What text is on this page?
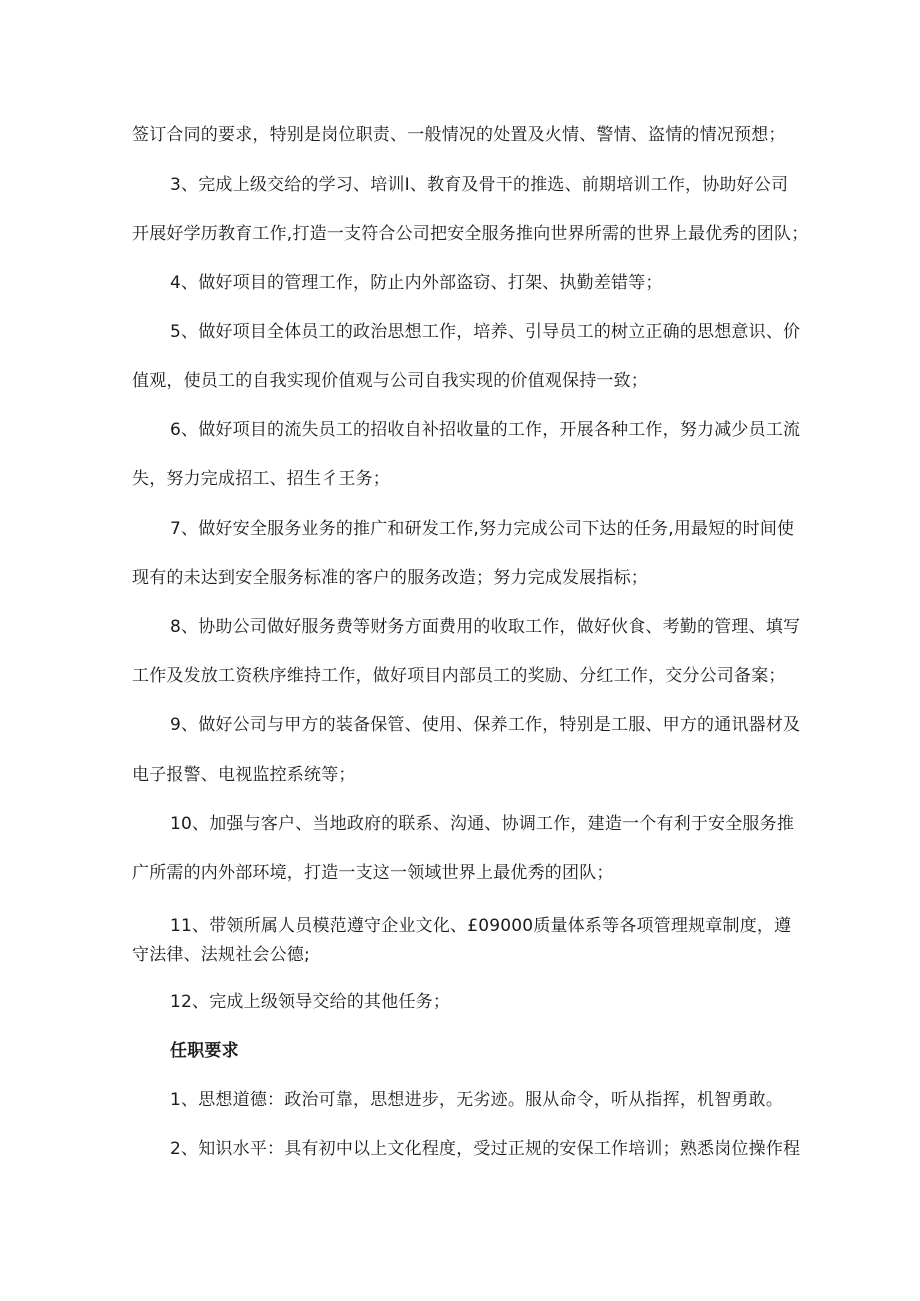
签订合同的要求，特别是岗位职责、一般情况的处置及火情、警情、盗情的情况预想；
3、完成上级交给的学习、培训I、教育及骨干的推选、前期培训工作，协助好公司
开展好学历教育工作,打造一支符合公司把安全服务推向世界所需的世界上最优秀的团队；
4、做好项目的管理工作，防止内外部盗窃、打架、执勤差错等；
5、做好项目全体员工的政治思想工作，培养、引导员工的树立正确的思想意识、价
值观，使员工的自我实现价值观与公司自我实现的价值观保持一致；
6、做好项目的流失员工的招收自补招收量的工作，开展各种工作，努力减少员工流
失，努力完成招工、招生彳王务；
7、做好安全服务业务的推广和研发工作,努力完成公司下达的任务,用最短的时间使
现有的未达到安全服务标准的客户的服务改造；努力完成发展指标；
8、协助公司做好服务费等财务方面费用的收取工作，做好伙食、考勤的管理、填写
工作及发放工资秩序维持工作，做好项目内部员工的奖励、分红工作，交分公司备案；
9、做好公司与甲方的装备保管、使用、保养工作，特别是工服、甲方的通讯器材及
电子报警、电视监控系统等；
10、加强与客户、当地政府的联系、沟通、协调工作，建造一个有利于安全服务推
广所需的内外部环境，打造一支这一领域世界上最优秀的团队；
11、带领所属人员模范遵守企业文化、£09000质量体系等各项管理规章制度，遵
守法律、法规社会公德;
12、完成上级领导交给的其他任务；
任职要求
1、思想道德：政治可靠，思想进步，无劣迹。服从命令，听从指挥，机智勇敢。
2、知识水平：具有初中以上文化程度，受过正规的安保工作培训；熟悉岗位操作程
